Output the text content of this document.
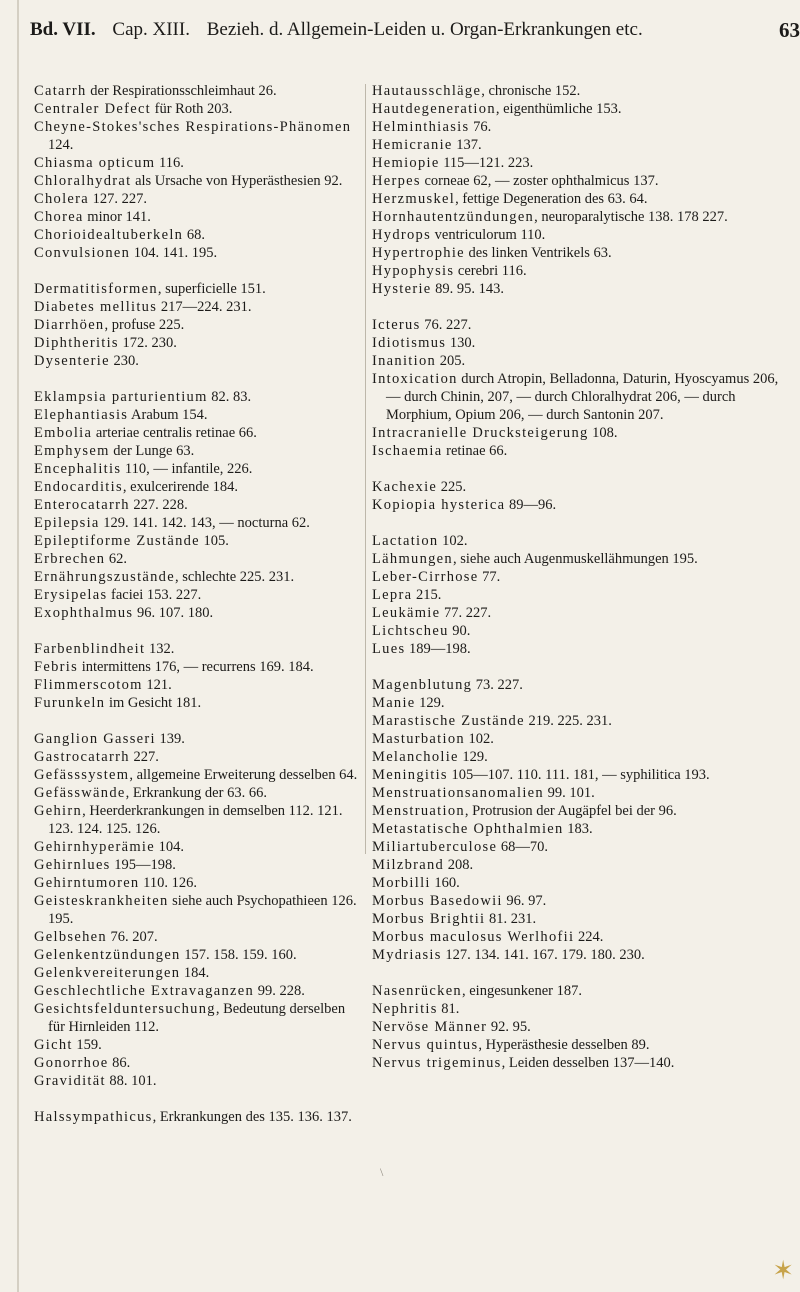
Bd. VII. Cap. XIII. Bezieh. d. Allgemein-Leiden u. Organ-Erkrankungen etc.	63
Catarrh der Respirationsschleimhaut 26.
Centraler Defect für Roth 203.
Cheyne-Stokes'sches Respirations-Phänomen 124.
Chiasma opticum 116.
Chloralhydrat als Ursache von Hyperästhesien 92.
Cholera 127. 227.
Chorea minor 141.
Chorioidealtuberkeln 68.
Convulsionen 104. 141. 195.
Dermatitisformen, superficielle 151.
Diabetes mellitus 217—224. 231.
Diarrhöen, profuse 225.
Diphtheritis 172. 230.
Dysenterie 230.
Eklampsia parturientium 82. 83.
Elephantiasis Arabum 154.
Embolia arteriae centralis retinae 66.
Emphysem der Lunge 63.
Encephalitis 110, — infantile, 226.
Endocarditis, exulcerirende 184.
Enterocatarrh 227. 228.
Epilepsia 129. 141. 142. 143, — nocturna 62.
Epileptiforme Zustände 105.
Erbrechen 62.
Ernährungszustände, schlechte 225. 231.
Erysipelas faciei 153. 227.
Exophthalmus 96. 107. 180.
Farbenblindheit 132.
Febris intermittens 176, — recurrens 169. 184.
Flimmerscotom 121.
Furunkeln im Gesicht 181.
Ganglion Gasseri 139.
Gastrocatarrh 227.
Gefässsystem, allgemeine Erweiterung desselben 64.
Gefässwände, Erkrankung der 63. 66.
Gehirn, Heerderkrankungen in demselben 112. 121. 123. 124. 125. 126.
Gehirnhyperämie 104.
Gehirnlues 195—198.
Gehirntumoren 110. 126.
Geisteskrankheiten siehe auch Psychopathieen 126. 195.
Gelbsehen 76. 207.
Gelenkentzündungen 157. 158. 159. 160.
Gelenkvereiterungen 184.
Geschlechtliche Extravaganzen 99. 228.
Gesichtsfelduntersuchung, Bedeutung derselben für Hirnleiden 112.
Gicht 159.
Gonorrhoe 86.
Gravidität 88. 101.
Halssympathicus, Erkrankungen des 135. 136. 137.
Hautausschläge, chronische 152.
Hautdegeneration, eigenthümliche 153.
Helminthiasis 76.
Hemicranie 137.
Hemiopie 115—121. 223.
Herpes corneae 62, — zoster ophthalmicus 137.
Herzmuskel, fettige Degeneration des 63. 64.
Hornhautentzündungen, neuroparalytische 138. 178 227.
Hydrops ventriculorum 110.
Hypertrophie des linken Ventrikels 63.
Hypophysis cerebri 116.
Hysterie 89. 95. 143.
Icterus 76. 227.
Idiotismus 130.
Inanition 205.
Intoxication durch Atropin, Belladonna, Daturin, Hyoscyamus 206, — durch Chinin, 207, — durch Chloralhydrat 206, — durch Morphium, Opium 206, — durch Santonin 207.
Intracranielle Drucksteigerung 108.
Ischaemia retinae 66.
Kachexie 225.
Kopiopia hysterica 89—96.
Lactation 102.
Lähmungen, siehe auch Augenmuskellähmungen 195.
Leber-Cirrhose 77.
Lepra 215.
Leukämie 77. 227.
Lichtscheu 90.
Lues 189—198.
Magenblutung 73. 227.
Manie 129.
Marastische Zustände 219. 225. 231.
Masturbation 102.
Melancholie 129.
Meningitis 105—107. 110. 111. 181, — syphilitica 193.
Menstruationsanomalien 99. 101.
Menstruation, Protrusion der Augäpfel bei der 96.
Metastatische Ophthalmien 183.
Miliartuberculose 68—70.
Milzbrand 208.
Morbilli 160.
Morbus Basedowii 96. 97.
Morbus Brightii 81. 231.
Morbus maculosus Werlhofii 224.
Mydriasis 127. 134. 141. 167. 179. 180. 230.
Nasenrücken, eingesunkener 187.
Nephritis 81.
Nervöse Männer 92. 95.
Nervus quintus, Hyperästhesie desselben 89.
Nervus trigeminus, Leiden desselben 137—140.
\
✶
